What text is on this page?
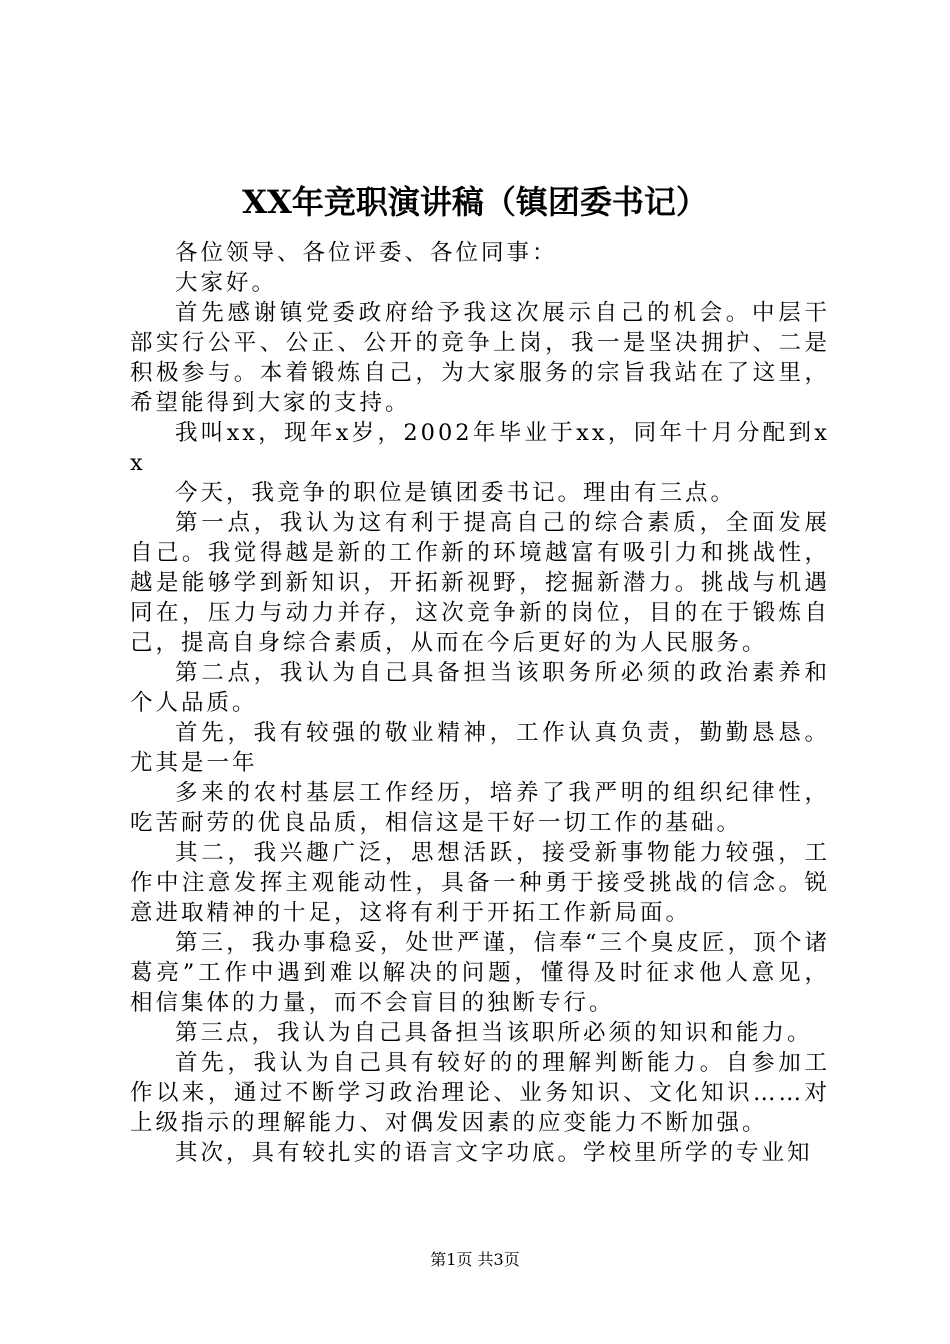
XX年竞职演讲稿（镇团委书记）

各位领导、各位评委、各位同事：

大家好。

首先感谢镇党委政府给予我这次展示自己的机会。中层干部实行公平、公正、公开的竞争上岗，我一是坚决拥护、二是积极参与。本着锻炼自己，为大家服务的宗旨我站在了这里，希望能得到大家的支持。

我叫xx，现年x岁，2002年毕业于xx，同年十月分配到xx

今天，我竞争的职位是镇团委书记。理由有三点。

第一点，我认为这有利于提高自己的综合素质，全面发展自己。我觉得越是新的工作新的环境越富有吸引力和挑战性，越是能够学到新知识，开拓新视野，挖掘新潜力。挑战与机遇同在，压力与动力并存，这次竞争新的岗位，目的在于锻炼自己，提高自身综合素质，从而在今后更好的为人民服务。

第二点，我认为自己具备担当该职务所必须的政治素养和个人品质。

首先，我有较强的敬业精神，工作认真负责，勤勤恳恳。尤其是一年

多来的农村基层工作经历，培养了我严明的组织纪律性，吃苦耐劳的优良品质，相信这是干好一切工作的基础。

其二，我兴趣广泛，思想活跃，接受新事物能力较强，工作中注意发挥主观能动性，具备一种勇于接受挑战的信念。锐意进取精神的十足，这将有利于开拓工作新局面。

第三，我办事稳妥，处世严谨，信奉“三个臭皮匠，顶个诸葛亮”工作中遇到难以解决的问题，懂得及时征求他人意见，相信集体的力量，而不会盲目的独断专行。

第三点，我认为自己具备担当该职所必须的知识和能力。

首先，我认为自己具有较好的的理解判断能力。自参加工作以来，通过不断学习政治理论、业务知识、文化知识……对上级指示的理解能力、对偶发因素的应变能力不断加强。

其次，具有较扎实的语言文字功底。学校里所学的专业知

第1页 共3页
